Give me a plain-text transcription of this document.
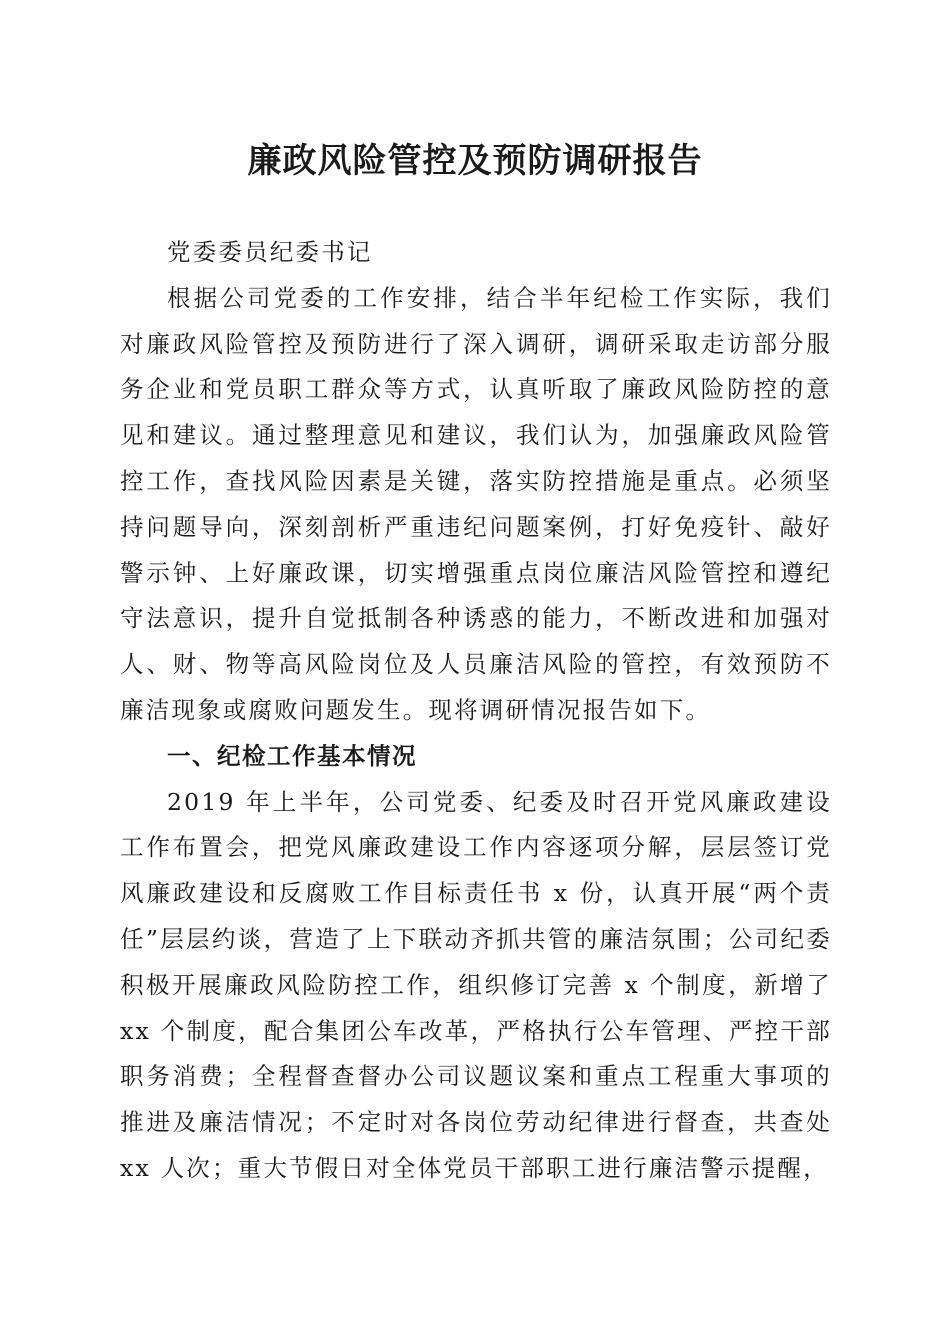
廉政风险管控及预防调研报告

党委委员纪委书记

根据公司党委的工作安排，结合半年纪检工作实际，我们对廉政风险管控及预防进行了深入调研，调研采取走访部分服务企业和党员职工群众等方式，认真听取了廉政风险防控的意见和建议。通过整理意见和建议，我们认为，加强廉政风险管控工作，查找风险因素是关键，落实防控措施是重点。必须坚持问题导向，深刻剖析严重违纪问题案例，打好免疫针、敲好警示钟、上好廉政课，切实增强重点岗位廉洁风险管控和遵纪守法意识，提升自觉抵制各种诱惑的能力，不断改进和加强对人、财、物等高风险岗位及人员廉洁风险的管控，有效预防不廉洁现象或腐败问题发生。现将调研情况报告如下。

一、纪检工作基本情况

2019 年上半年，公司党委、纪委及时召开党风廉政建设工作布置会，把党风廉政建设工作内容逐项分解，层层签订党风廉政建设和反腐败工作目标责任书 x 份，认真开展“两个责任”层层约谈，营造了上下联动齐抓共管的廉洁氛围；公司纪委积极开展廉政风险防控工作，组织修订完善 x 个制度，新增了 xx 个制度，配合集团公车改革，严格执行公车管理、严控干部职务消费；全程督查督办公司议题议案和重点工程重大事项的推进及廉洁情况；不定时对各岗位劳动纪律进行督查，共查处 xx 人次；重大节假日对全体党员干部职工进行廉洁警示提醒，
